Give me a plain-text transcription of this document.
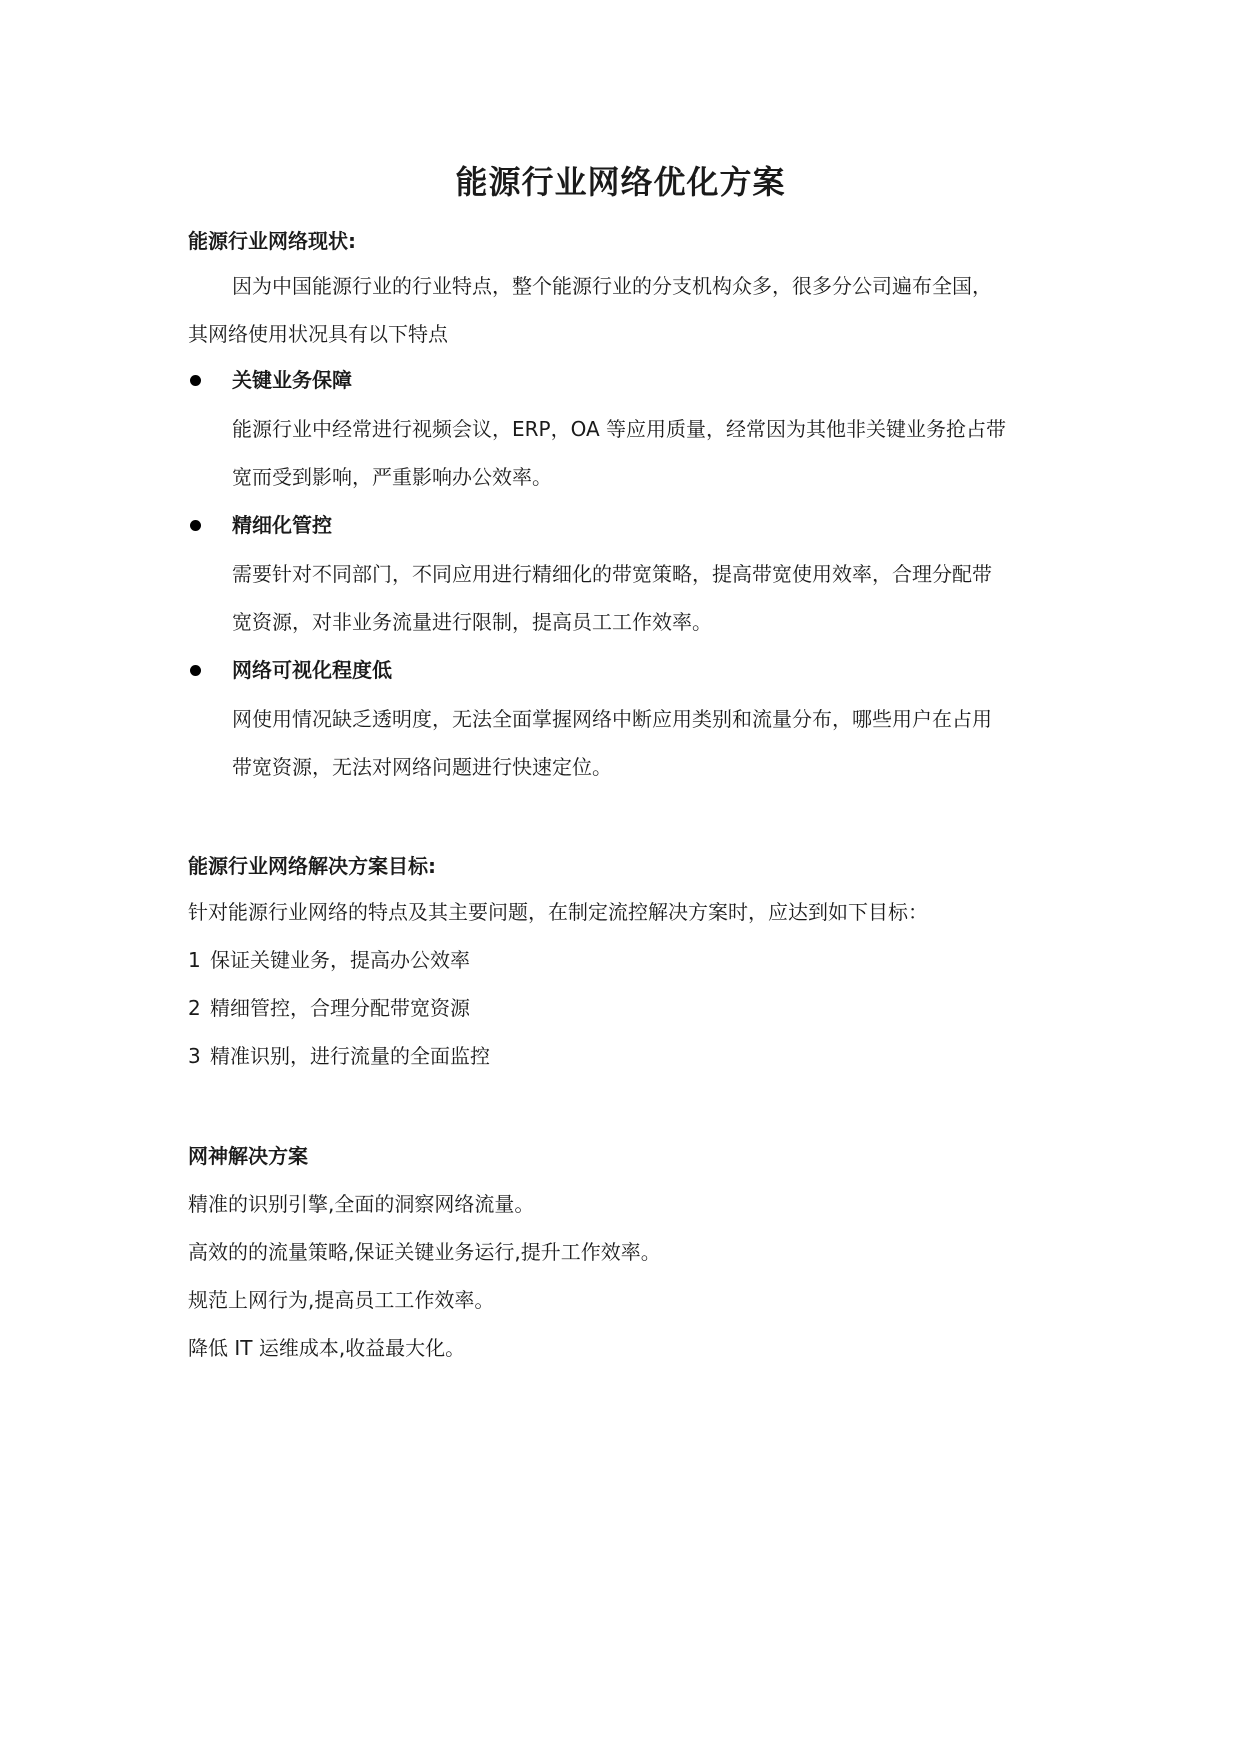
能源行业网络优化方案
能源行业网络现状:
因为中国能源行业的行业特点，整个能源行业的分支机构众多，很多分公司遍布全国，
其网络使用状况具有以下特点
关键业务保障
能源行业中经常进行视频会议，ERP，OA 等应用质量，经常因为其他非关键业务抢占带
宽而受到影响，严重影响办公效率。
精细化管控
需要针对不同部门，不同应用进行精细化的带宽策略，提高带宽使用效率，合理分配带
宽资源，对非业务流量进行限制，提高员工工作效率。
网络可视化程度低
网使用情况缺乏透明度，无法全面掌握网络中断应用类别和流量分布，哪些用户在占用
带宽资源，无法对网络问题进行快速定位。
能源行业网络解决方案目标:
针对能源行业网络的特点及其主要问题，在制定流控解决方案时，应达到如下目标：
1 保证关键业务，提高办公效率
2 精细管控，合理分配带宽资源
3 精准识别，进行流量的全面监控
网神解决方案
精准的识别引擎,全面的洞察网络流量。
高效的的流量策略,保证关键业务运行,提升工作效率。
规范上网行为,提高员工工作效率。
降低 IT 运维成本,收益最大化。
